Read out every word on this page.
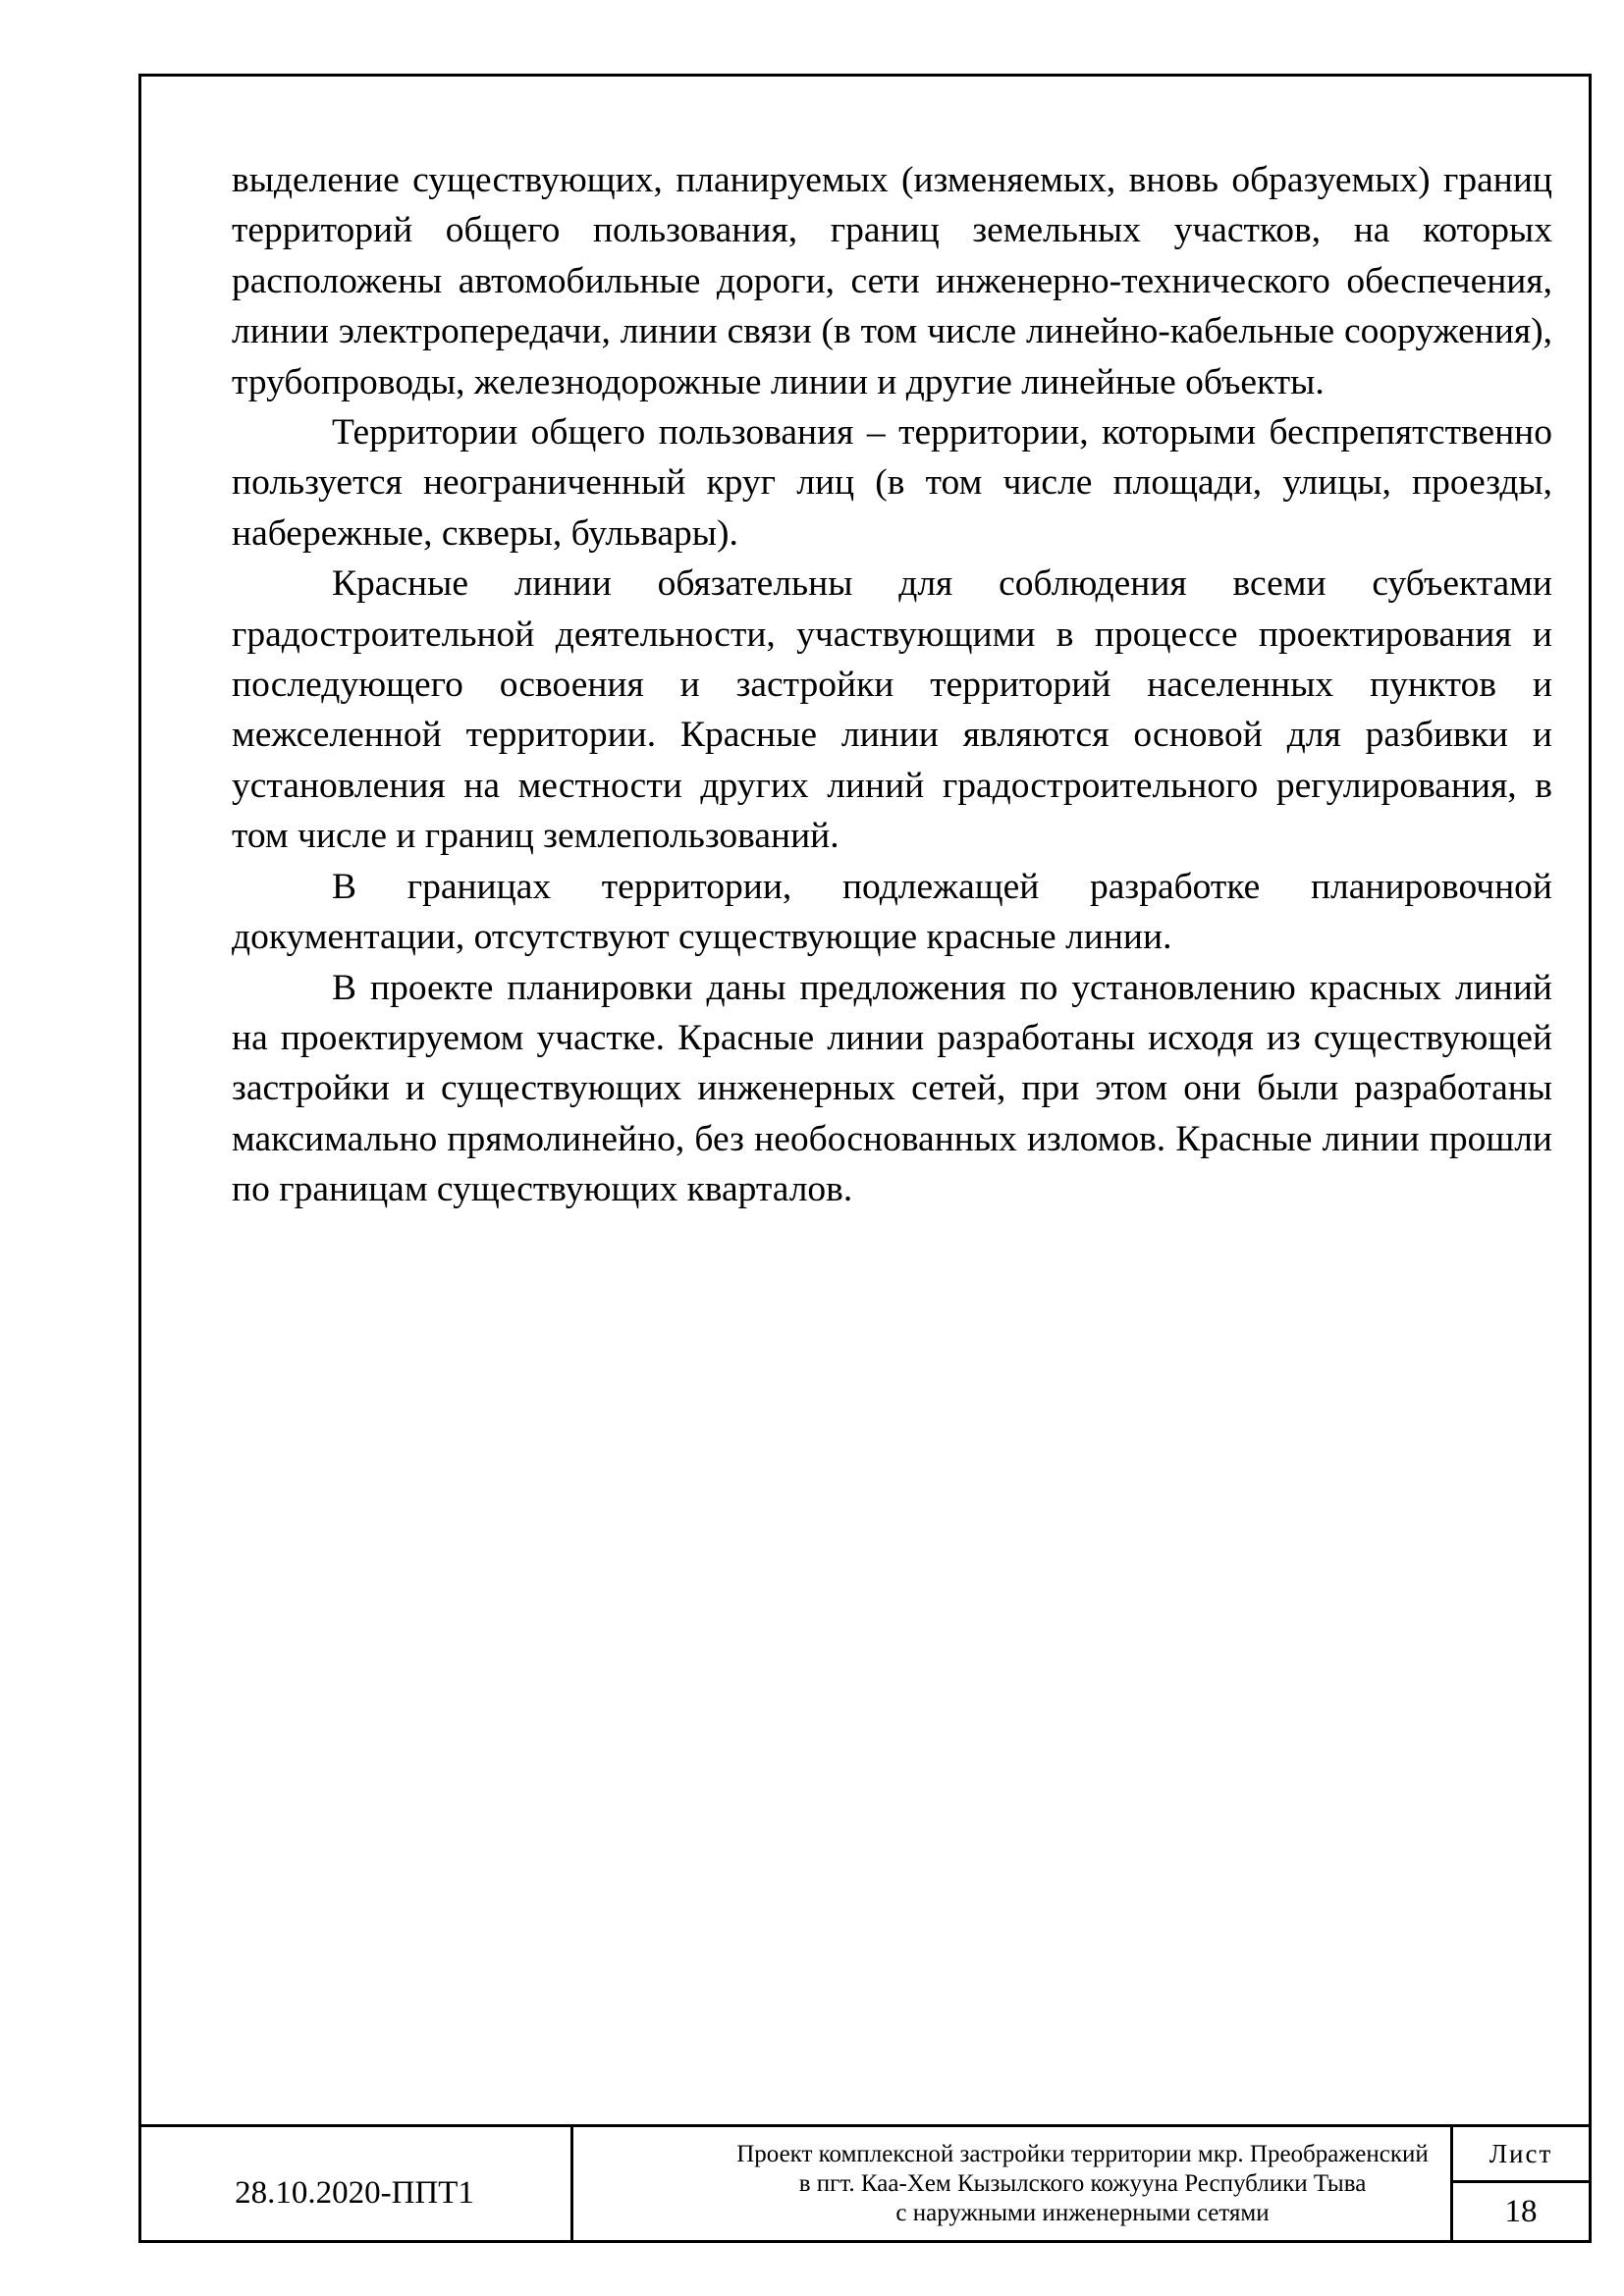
выделение существующих, планируемых (изменяемых, вновь образуемых) границ территорий общего пользования, границ земельных участков, на которых расположены автомобильные дороги, сети инженерно-технического обеспечения, линии электропередачи, линии связи (в том числе линейно-кабельные сооружения), трубопроводы, железнодорожные линии и другие линейные объекты.

Территории общего пользования – территории, которыми беспрепятственно пользуется неограниченный круг лиц (в том числе площади, улицы, проезды, набережные, скверы, бульвары).

Красные линии обязательны для соблюдения всеми субъектами градостроительной деятельности, участвующими в процессе проектирования и последующего освоения и застройки территорий населенных пунктов и межселенной территории. Красные линии являются основой для разбивки и установления на местности других линий градостроительного регулирования, в том числе и границ землепользований.

В границах территории, подлежащей разработке планировочной документации, отсутствуют существующие красные линии.

В проекте планировки даны предложения по установлению красных линий на проектируемом участке. Красные линии разработаны исходя из существующей застройки и существующих инженерных сетей, при этом они были разработаны максимально прямолинейно, без необоснованных изломов. Красные линии прошли по границам существующих кварталов.

28.10.2020-ППТ1
Проект комплексной застройки территории мкр. Преображенский
в пгт. Каа-Хем Кызылского кожууна Республики Тыва
с наружными инженерными сетями
Лист
18
